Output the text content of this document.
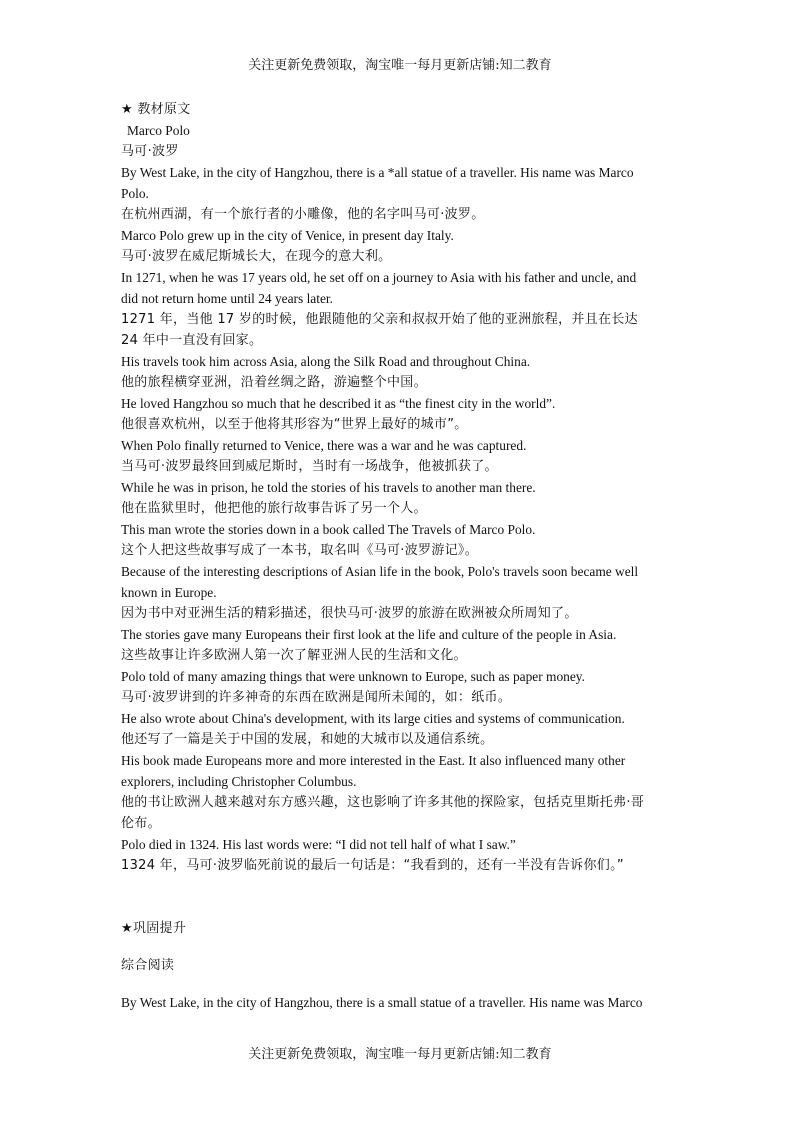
关注更新免费领取，淘宝唯一每月更新店铺:知二教育
★ 教材原文
Marco Polo
马可·波罗
By West Lake, in the city of Hangzhou, there is a *all statue of a traveller. His name was Marco
Polo.
在杭州西湖，有一个旅行者的小雕像，他的名字叫马可·波罗。
Marco Polo grew up in the city of Venice, in present day Italy.
马可·波罗在威尼斯城长大，在现今的意大利。
In 1271, when he was 17 years old, he set off on a journey to Asia with his father and uncle, and
did not return home until 24 years later.
1271 年，当他 17 岁的时候，他跟随他的父亲和叔叔开始了他的亚洲旅程，并且在长达
24 年中一直没有回家。
His travels took him across Asia, along the Silk Road and throughout China.
他的旅程横穿亚洲，沿着丝绸之路，游遍整个中国。
He loved Hangzhou so much that he described it as “the finest city in the world”.
他很喜欢杭州，以至于他将其形容为“世界上最好的城市”。
When Polo finally returned to Venice, there was a war and he was captured.
当马可·波罗最终回到威尼斯时，当时有一场战争，他被抓获了。
While he was in prison, he told the stories of his travels to another man there.
他在监狱里时，他把他的旅行故事告诉了另一个人。
This man wrote the stories down in a book called The Travels of Marco Polo.
这个人把这些故事写成了一本书，取名叫《马可·波罗游记》。
Because of the interesting descriptions of Asian life in the book, Polo's travels soon became well
known in Europe.
因为书中对亚洲生活的精彩描述，很快马可·波罗的旅游在欧洲被众所周知了。
The stories gave many Europeans their first look at the life and culture of the people in Asia.
这些故事让许多欧洲人第一次了解亚洲人民的生活和文化。
Polo told of many amazing things that were unknown to Europe, such as paper money.
马可·波罗讲到的许多神奇的东西在欧洲是闻所未闻的，如：纸币。
He also wrote about China's development, with its large cities and systems of communication.
他还写了一篇是关于中国的发展，和她的大城市以及通信系统。
His book made Europeans more and more interested in the East. It also influenced many other
explorers, including Christopher Columbus.
他的书让欧洲人越来越对东方感兴趣，这也影响了许多其他的探险家，包括克里斯托弗·哥
伦布。
Polo died in 1324. His last words were: “I did not tell half of what I saw.”
1324 年，马可·波罗临死前说的最后一句话是：“我看到的，还有一半没有告诉你们。”
★巩固提升
综合阅读
By West Lake, in the city of Hangzhou, there is a small statue of a traveller. His name was Marco
关注更新免费领取，淘宝唯一每月更新店铺:知二教育
